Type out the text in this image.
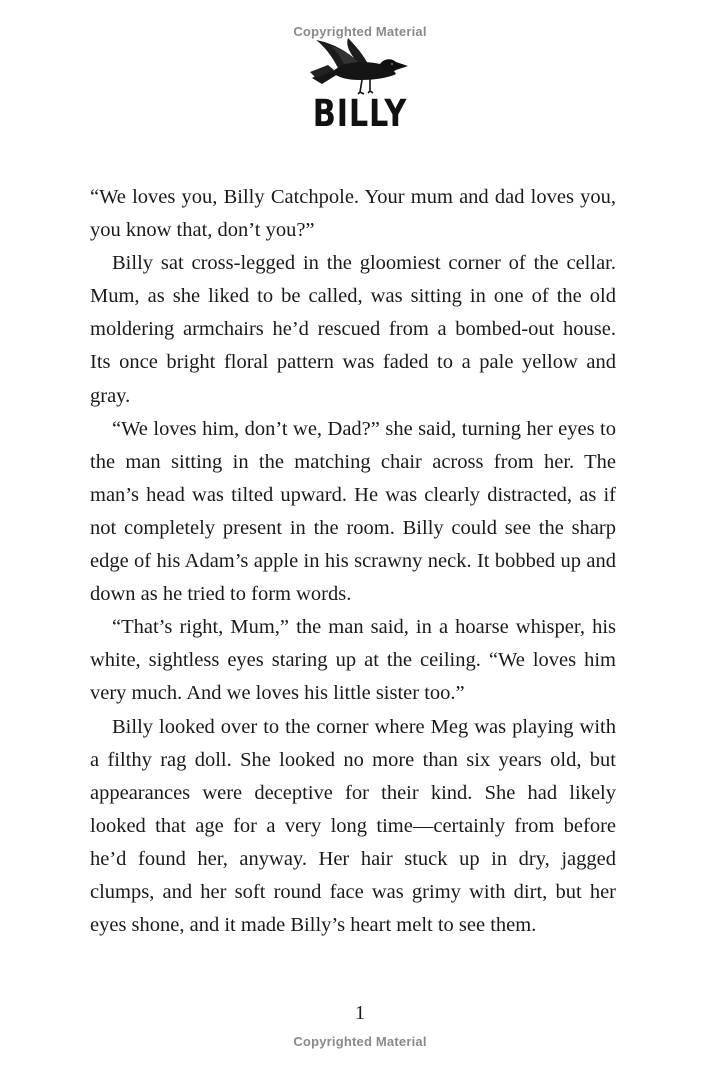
Copyrighted Material
BILLY

“We loves you, Billy Catchpole. Your mum and dad loves you, you know that, don’t you?”

Billy sat cross-legged in the gloomiest corner of the cellar. Mum, as she liked to be called, was sitting in one of the old moldering armchairs he’d rescued from a bombed-out house. Its once bright floral pattern was faded to a pale yellow and gray.

“We loves him, don’t we, Dad?” she said, turning her eyes to the man sitting in the matching chair across from her. The man’s head was tilted upward. He was clearly distracted, as if not completely present in the room. Billy could see the sharp edge of his Adam’s apple in his scrawny neck. It bobbed up and down as he tried to form words.

“That’s right, Mum,” the man said, in a hoarse whisper, his white, sightless eyes staring up at the ceiling. “We loves him very much. And we loves his little sister too.”

Billy looked over to the corner where Meg was playing with a filthy rag doll. She looked no more than six years old, but appearances were deceptive for their kind. She had likely looked that age for a very long time—certainly from before he’d found her, anyway. Her hair stuck up in dry, jagged clumps, and her soft round face was grimy with dirt, but her eyes shone, and it made Billy’s heart melt to see them.

1
Copyrighted Material
